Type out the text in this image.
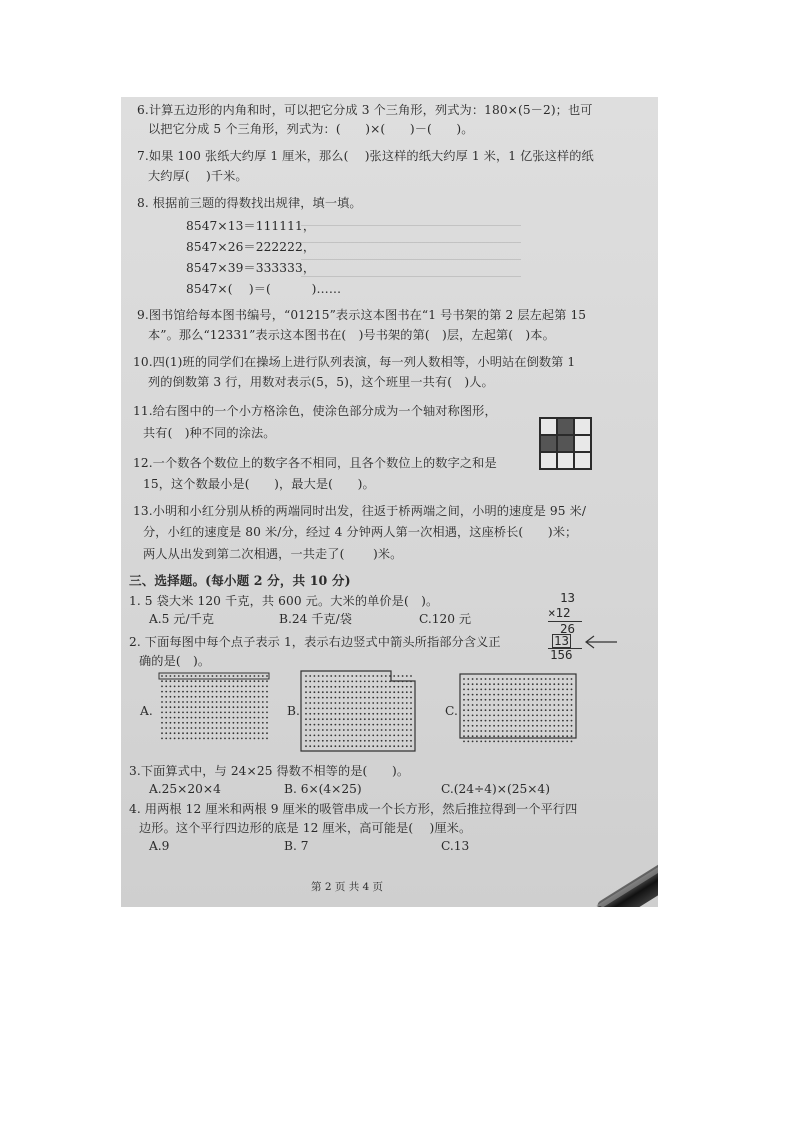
6.计算五边形的内角和时，可以把它分成 3 个三角形，列式为：180×(5－2)；也可
以把它分成 5 个三角形，列式为：(　　)×(　　)－(　　)。
7.如果 100 张纸大约厚 1 厘米，那么(　 )张这样的纸大约厚 1 米，1 亿张这样的纸
大约厚(　 )千米。
8. 根据前三题的得数找出规律，填一填。
8547×13＝111111，
8547×26＝222222，
8547×39＝333333，
8547×(　 )＝(　　 　)……
9.图书馆给每本图书编号，“01215”表示这本图书在“1 号书架的第 2 层左起第 15
本”。那么“12331”表示这本图书在(　)号书架的第(　)层，左起第(　)本。
10.四(1)班的同学们在操场上进行队列表演，每一列人数相等，小明站在倒数第 1
列的倒数第 3 行，用数对表示(5，5)，这个班里一共有(　)人。
11.给右图中的一个小方格涂色，使涂色部分成为一个轴对称图形，
共有(　)种不同的涂法。
12.一个数各个数位上的数字各不相同，且各个数位上的数字之和是
15，这个数最小是(　　)，最大是(　　)。
13.小明和小红分别从桥的两端同时出发，往返于桥两端之间，小明的速度是 95 米/
分，小红的速度是 80 米/分，经过 4 分钟两人第一次相遇，这座桥长(　　)米；
两人从出发到第二次相遇，一共走了(　　 )米。
三、选择题。(每小题 2 分，共 10 分)
1. 5 袋大米 120 千克，共 600 元。大米的单价是(　)。
A.5 元/千克	B.24 千克/袋	C.120 元
2. 下面每图中每个点子表示 1，表示右边竖式中箭头所指部分含义正
确的是(　)。
A.	B.	C.
13
×12
26
13
156
3.下面算式中，与 24×25 得数不相等的是(　　)。
A.25×20×4	B. 6×(4×25)	C.(24÷4)×(25×4)
4. 用两根 12 厘米和两根 9 厘米的吸管串成一个长方形，然后推拉得到一个平行四
边形。这个平行四边形的底是 12 厘米，高可能是(　 )厘米。
A.9	B. 7	C.13
第 2 页 共 4 页
